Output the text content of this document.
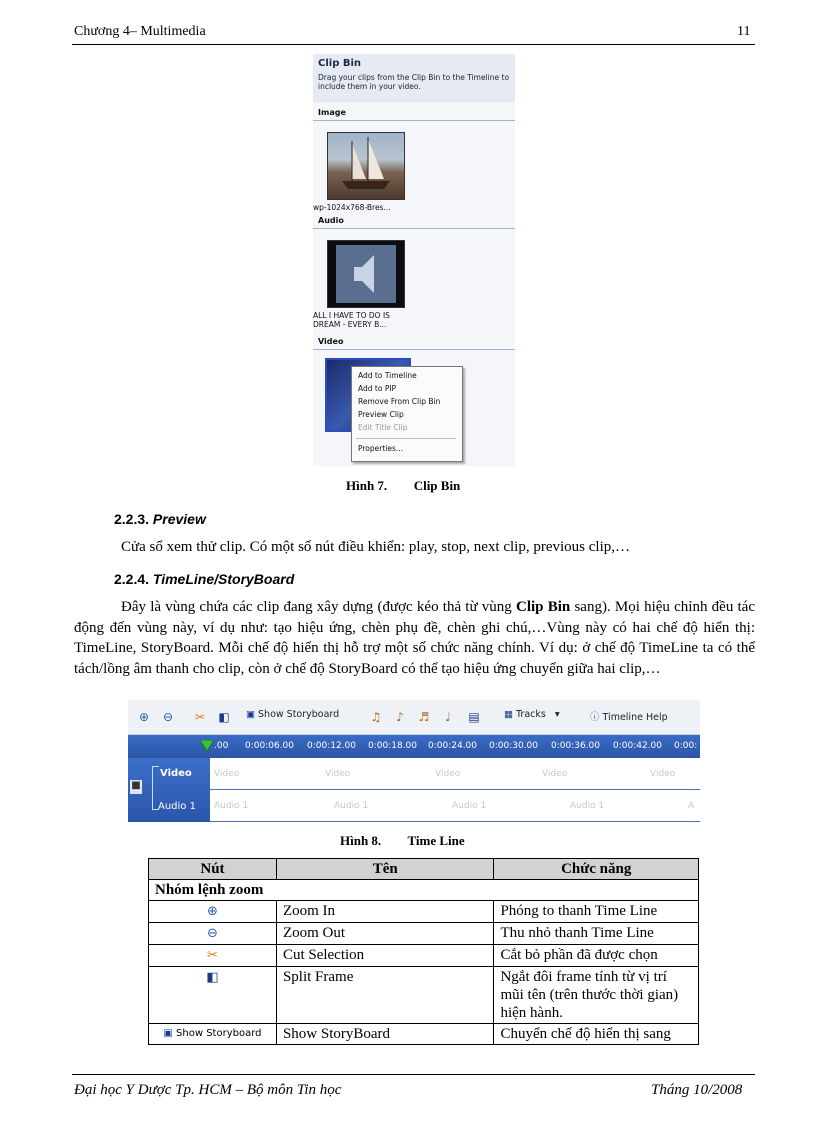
Chương 4– Multimedia	11
Clip Bin
Drag your clips from the Clip Bin to the Timeline to include them in your video.
Image
wp-1024x768-Bres...
Audio
ALL I HAVE TO DO IS
DREAM - EVERY B...
Video
Add to Timeline
Add to PIP
Remove From Clip Bin
Preview Clip
Edit Title Clip
Properties...
Hình 7. Clip Bin
2.2.3. Preview
Cửa sổ xem thử clip. Có một số nút điều khiển: play, stop, next clip, previous clip,…
2.2.4. TimeLine/StoryBoard
Đây là vùng chứa các clip đang xây dựng (được kéo thả từ vùng Clip Bin sang). Mọi hiệu chỉnh đều tác động đến vùng này, ví dụ như: tạo hiệu ứng, chèn phụ đề, chèn ghi chú,…Vùng này có hai chế độ hiển thị: TimeLine, StoryBoard. Mỗi chế độ hiển thị hỗ trợ một số chức năng chính. Ví dụ: ở chế độ TimeLine ta có thể tách/lồng âm thanh cho clip, còn ở chế độ StoryBoard có thể tạo hiệu ứng chuyển giữa hai clip,…
⊕ ⊖ ✂ ◧ ▣ Show Storyboard	♫	♪	♬	♩	▤	▦ Tracks ▾	ⓘ Timeline Help
.00 0:00:06.00 0:00:12.00 0:00:18.00 0:00:24.00 0:00:30.00 0:00:36.00 0:00:42.00 0:00:
■
Video
Audio 1
Video	Video	Video	Video	Video
Audio 1	Audio 1	Audio 1	Audio 1	A
Hình 8. Time Line
Nút	Tên	Chức năng
Nhóm lệnh zoom		
⊕	Zoom In	Phóng to thanh Time Line
⊖	Zoom Out	Thu nhỏ thanh Time Line
✂	Cut Selection	Cắt bỏ phần đã được chọn
◧	Split Frame	Ngắt đôi frame tính từ vị trí mũi tên (trên thước thời gian) hiện hành.
▣ Show Storyboard	Show StoryBoard	Chuyển chế độ hiển thị sang
Đại học Y Dược Tp. HCM – Bộ môn Tin học	Tháng 10/2008
